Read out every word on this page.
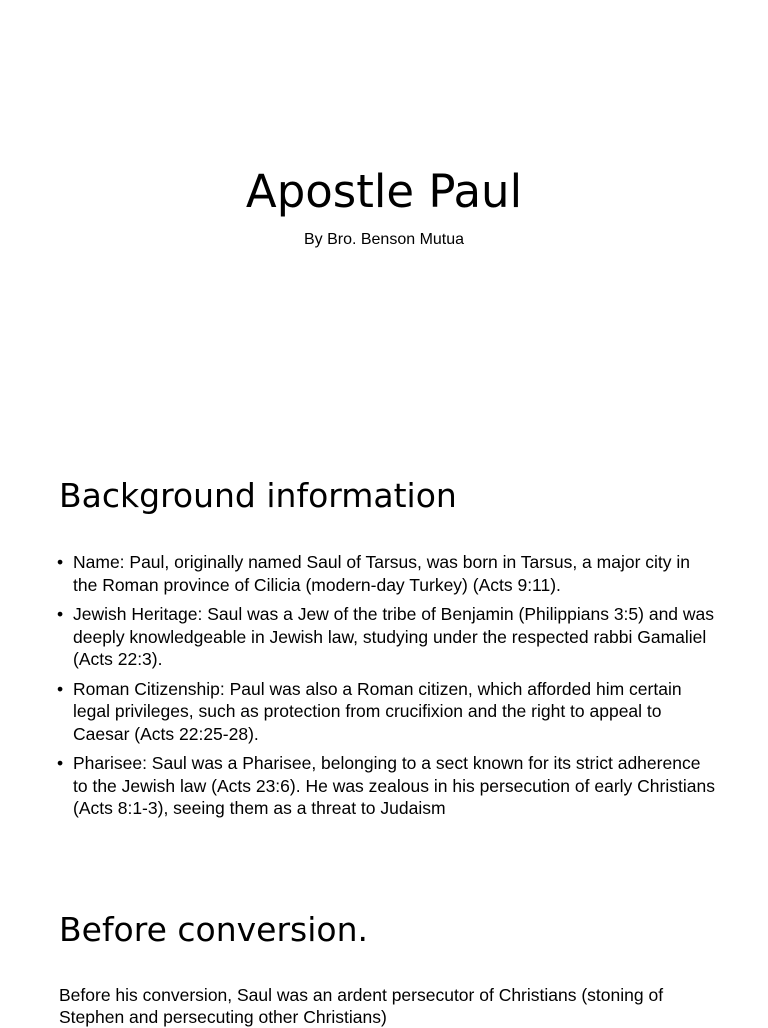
Apostle Paul

By Bro. Benson Mutua

Background information
• Name: Paul, originally named Saul of Tarsus, was born in Tarsus, a major city in the Roman province of Cilicia (modern-day Turkey) (Acts 9:11).
• Jewish Heritage: Saul was a Jew of the tribe of Benjamin (Philippians 3:5) and was deeply knowledgeable in Jewish law, studying under the respected rabbi Gamaliel (Acts 22:3).
• Roman Citizenship: Paul was also a Roman citizen, which afforded him certain legal privileges, such as protection from crucifixion and the right to appeal to Caesar (Acts 22:25-28).
• Pharisee: Saul was a Pharisee, belonging to a sect known for its strict adherence to the Jewish law (Acts 23:6). He was zealous in his persecution of early Christians (Acts 8:1-3), seeing them as a threat to Judaism
Before conversion.

Before his conversion, Saul was an ardent persecutor of Christians (stoning of Stephen and persecuting other Christians)
